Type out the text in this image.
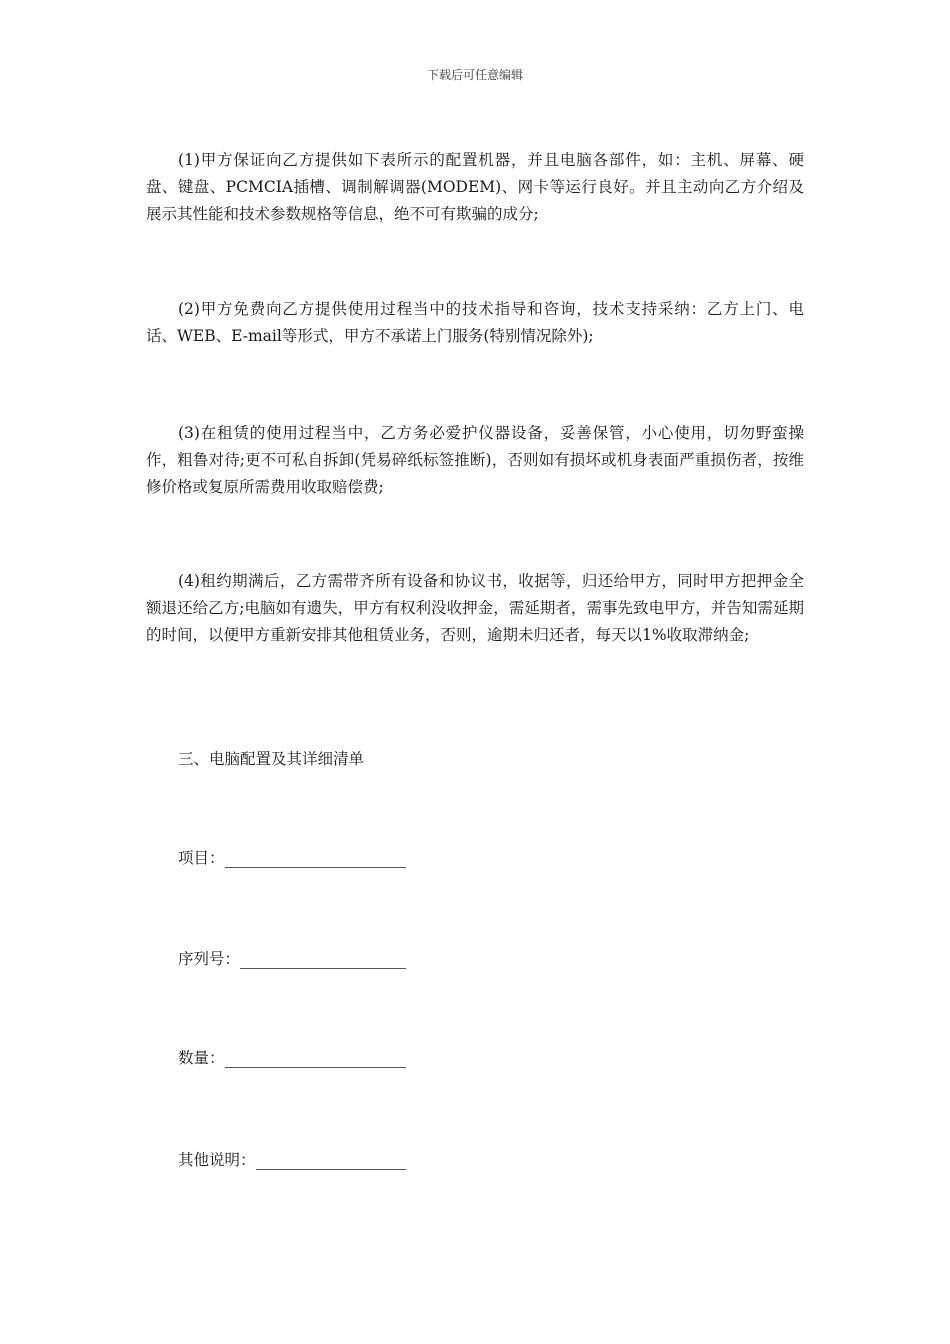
下载后可任意编辑

(1)甲方保证向乙方提供如下表所示的配置机器，并且电脑各部件，如：主机、屏幕、硬盘、键盘、PCMCIA插槽、调制解调器(MODEM)、网卡等运行良好。并且主动向乙方介绍及展示其性能和技术参数规格等信息，绝不可有欺骗的成分;

(2)甲方免费向乙方提供使用过程当中的技术指导和咨询，技术支持采纳：乙方上门、电话、WEB、E-mail等形式，甲方不承诺上门服务(特别情况除外);

(3)在租赁的使用过程当中，乙方务必爱护仪器设备，妥善保管，小心使用，切勿野蛮操作，粗鲁对待;更不可私自拆卸(凭易碎纸标签推断)，否则如有损坏或机身表面严重损伤者，按维修价格或复原所需费用收取赔偿费;

(4)租约期满后，乙方需带齐所有设备和协议书，收据等，归还给甲方，同时甲方把押金全额退还给乙方;电脑如有遗失，甲方有权利没收押金，需延期者，需事先致电甲方，并告知需延期的时间，以便甲方重新安排其他租赁业务，否则，逾期未归还者，每天以1%收取滞纳金;

三、电脑配置及其详细清单

项目：
序列号：
数量：
其他说明：
